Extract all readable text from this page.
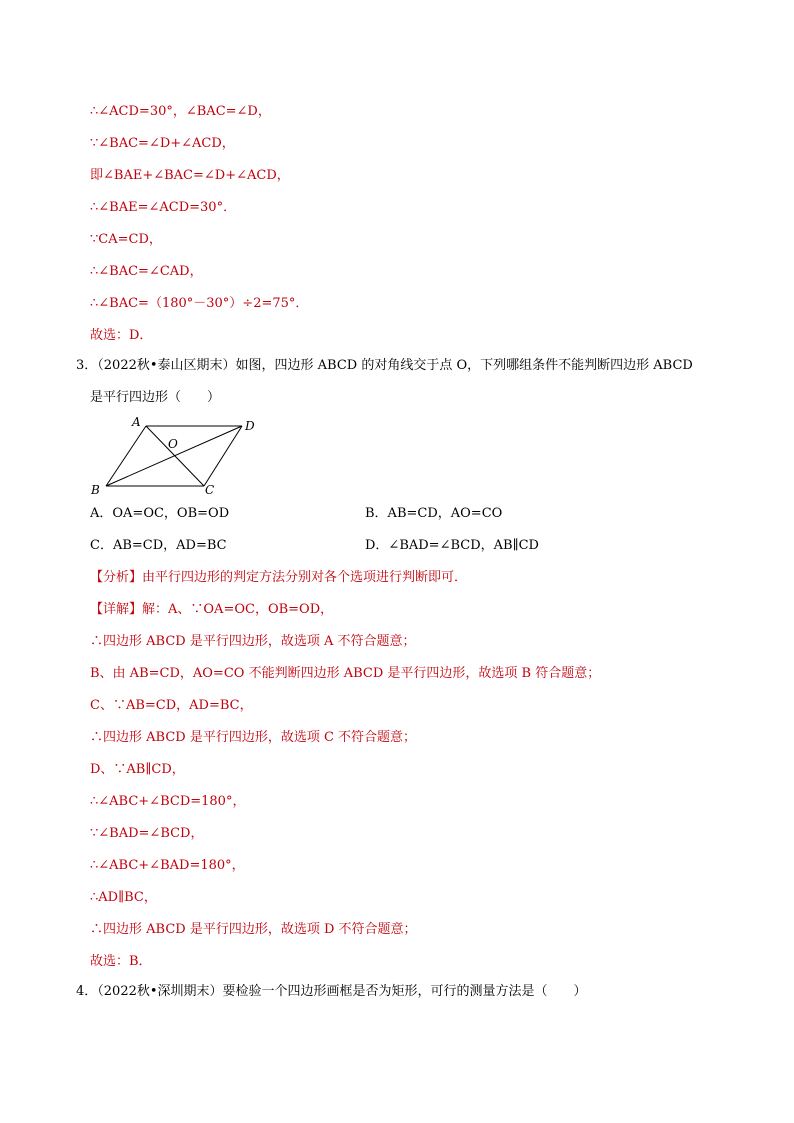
∴∠ACD=30°，∠BAC=∠D，
∵∠BAC=∠D+∠ACD，
即∠BAE+∠BAC=∠D+∠ACD，
∴∠BAE=∠ACD=30°．
∵CA=CD，
∴∠BAC=∠CAD，
∴∠BAC=（180°－30°）÷2=75°．
故选：D．
3．（2022秋•泰山区期末）如图，四边形 ABCD 的对角线交于点 O，下列哪组条件不能判断四边形 ABCD
是平行四边形（　　）
A	D
O
B	C
A．OA=OC，OB=OD	B．AB=CD，AO=CO
C．AB=CD，AD=BC	D．∠BAD=∠BCD，AB∥CD
【分析】由平行四边形的判定方法分别对各个选项进行判断即可．
【详解】解：A、∵OA=OC，OB=OD，
∴四边形 ABCD 是平行四边形，故选项 A 不符合题意；
B、由 AB=CD，AO=CO 不能判断四边形 ABCD 是平行四边形，故选项 B 符合题意；
C、∵AB=CD，AD=BC，
∴四边形 ABCD 是平行四边形，故选项 C 不符合题意；
D、∵AB∥CD，
∴∠ABC+∠BCD=180°，
∵∠BAD=∠BCD，
∴∠ABC+∠BAD=180°，
∴AD∥BC，
∴四边形 ABCD 是平行四边形，故选项 D 不符合题意；
故选：B．
4．（2022秋•深圳期末）要检验一个四边形画框是否为矩形，可行的测量方法是（　　）
